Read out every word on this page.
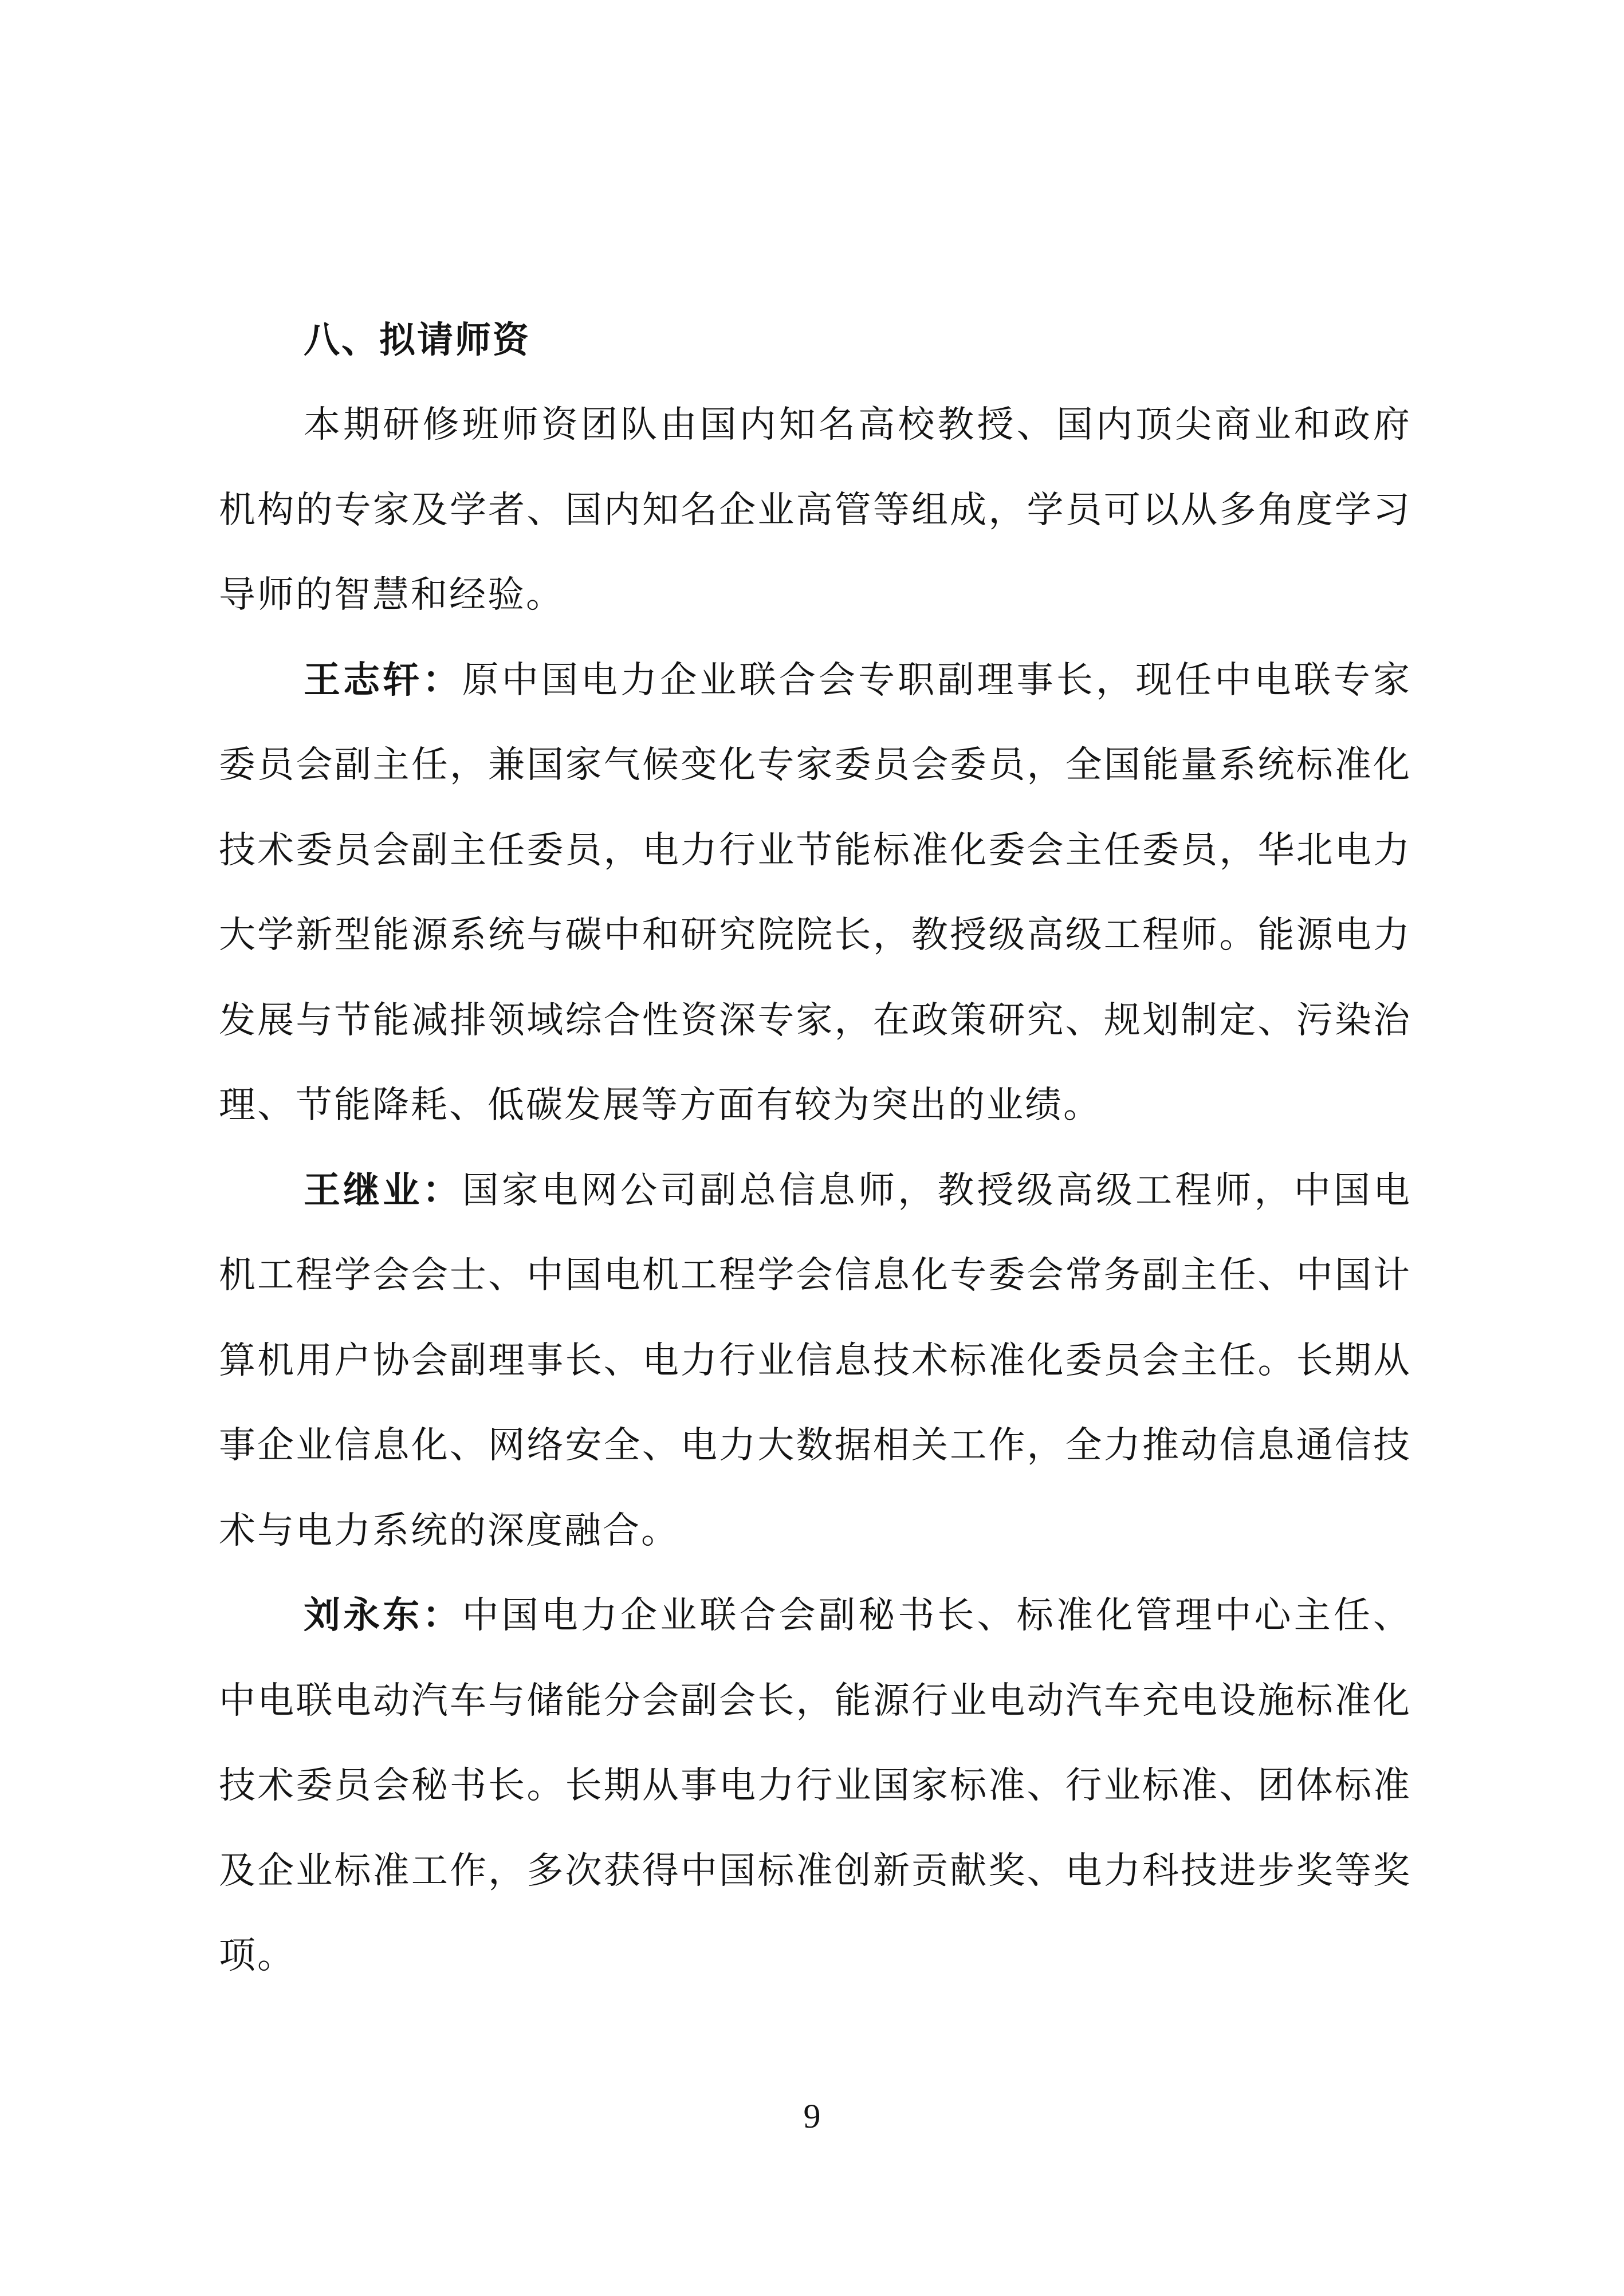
八、拟请师资

本期研修班师资团队由国内知名高校教授、国内顶尖商业和政府机构的专家及学者、国内知名企业高管等组成，学员可以从多角度学习导师的智慧和经验。

王志轩：原中国电力企业联合会专职副理事长，现任中电联专家委员会副主任，兼国家气候变化专家委员会委员，全国能量系统标准化技术委员会副主任委员，电力行业节能标准化委会主任委员，华北电力大学新型能源系统与碳中和研究院院长，教授级高级工程师。能源电力发展与节能减排领域综合性资深专家，在政策研究、规划制定、污染治理、节能降耗、低碳发展等方面有较为突出的业绩。

王继业：国家电网公司副总信息师，教授级高级工程师，中国电机工程学会会士、中国电机工程学会信息化专委会常务副主任、中国计算机用户协会副理事长、电力行业信息技术标准化委员会主任。长期从事企业信息化、网络安全、电力大数据相关工作，全力推动信息通信技术与电力系统的深度融合。

刘永东：中国电力企业联合会副秘书长、标准化管理中心主任、中电联电动汽车与储能分会副会长，能源行业电动汽车充电设施标准化技术委员会秘书长。长期从事电力行业国家标准、行业标准、团体标准及企业标准工作，多次获得中国标准创新贡献奖、电力科技进步奖等奖项。

9
